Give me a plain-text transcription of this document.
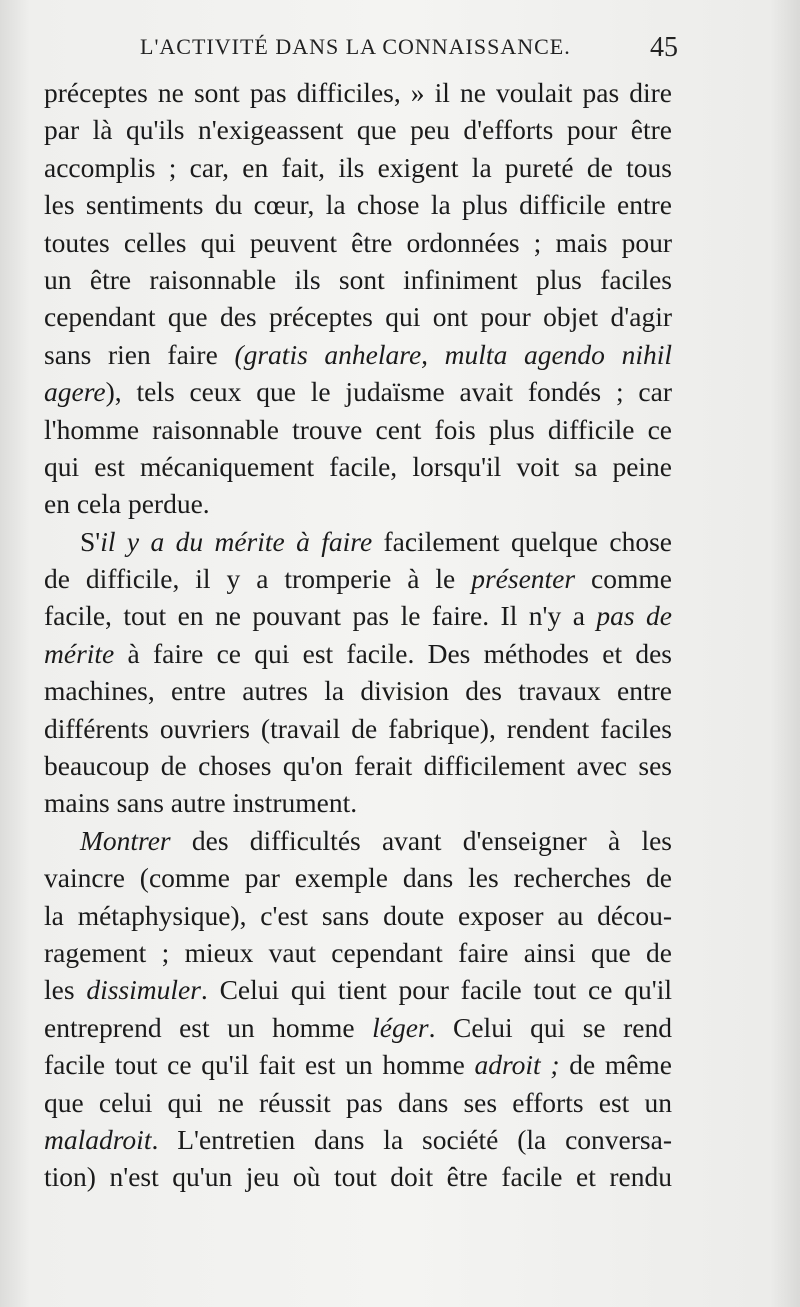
L'ACTIVITÉ DANS LA CONNAISSANCE.	45
préceptes ne sont pas difficiles, » il ne voulait pas dire
par là qu'ils n'exigeassent que peu d'efforts pour être
accomplis ; car, en fait, ils exigent la pureté de tous
les sentiments du cœur, la chose la plus difficile entre
toutes celles qui peuvent être ordonnées ; mais pour
un être raisonnable ils sont infiniment plus faciles
cependant que des préceptes qui ont pour objet d'agir
sans rien faire (gratis anhelare, multa agendo nihil
agere), tels ceux que le judaïsme avait fondés ; car
l'homme raisonnable trouve cent fois plus difficile ce
qui est mécaniquement facile, lorsqu'il voit sa peine
en cela perdue.
S'il y a du mérite à faire facilement quelque chose
de difficile, il y a tromperie à le présenter comme
facile, tout en ne pouvant pas le faire. Il n'y a pas de
mérite à faire ce qui est facile. Des méthodes et des
machines, entre autres la division des travaux entre
différents ouvriers (travail de fabrique), rendent faciles
beaucoup de choses qu'on ferait difficilement avec ses
mains sans autre instrument.
Montrer des difficultés avant d'enseigner à les
vaincre (comme par exemple dans les recherches de
la métaphysique), c'est sans doute exposer au décou-
ragement ; mieux vaut cependant faire ainsi que de
les dissimuler. Celui qui tient pour facile tout ce qu'il
entreprend est un homme léger. Celui qui se rend
facile tout ce qu'il fait est un homme adroit ; de même
que celui qui ne réussit pas dans ses efforts est un
maladroit. L'entretien dans la société (la conversa-
tion) n'est qu'un jeu où tout doit être facile et rendu
